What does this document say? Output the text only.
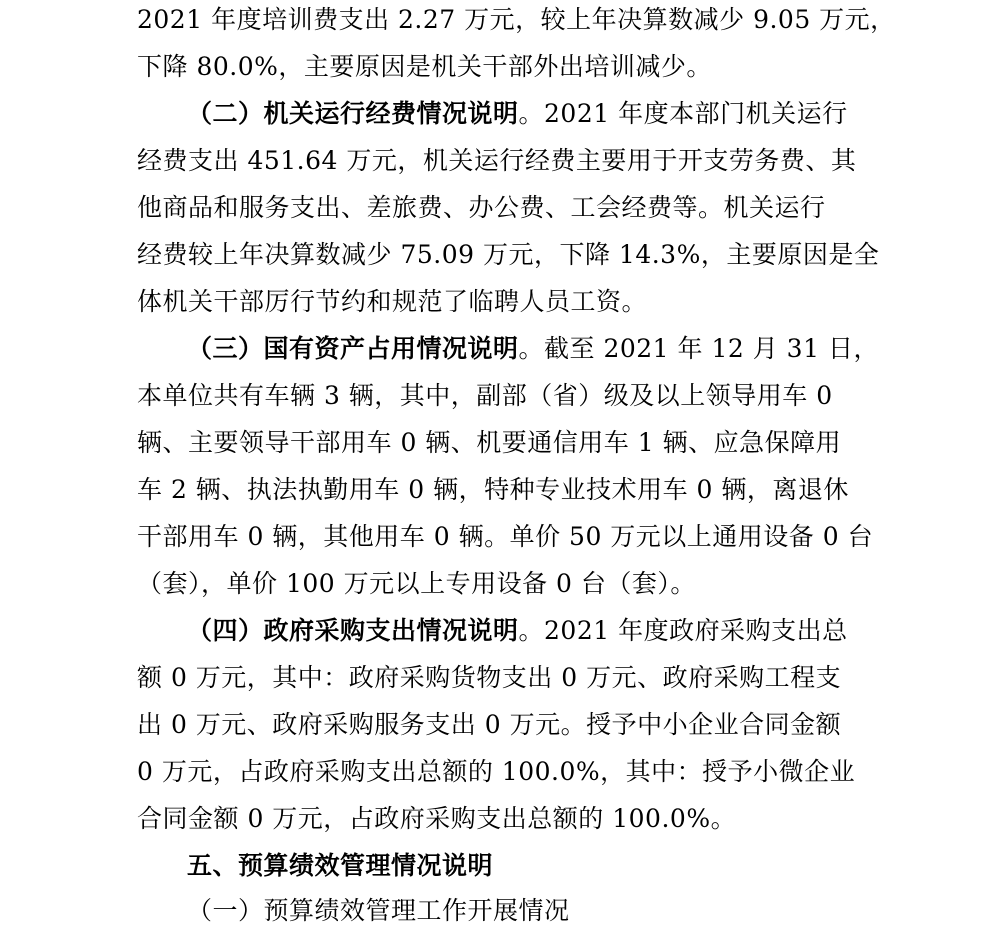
2021 年度培训费支出 2.27 万元，较上年决算数减少 9.05 万元，
下降 80.0%，主要原因是机关干部外出培训减少。
（二）机关运行经费情况说明。2021 年度本部门机关运行
经费支出 451.64 万元，机关运行经费主要用于开支劳务费、其
他商品和服务支出、差旅费、办公费、工会经费等。机关运行
经费较上年决算数减少 75.09 万元，下降 14.3%，主要原因是全
体机关干部厉行节约和规范了临聘人员工资。
（三）国有资产占用情况说明。截至 2021 年 12 月 31 日，
本单位共有车辆 3 辆，其中，副部（省）级及以上领导用车 0
辆、主要领导干部用车 0 辆、机要通信用车 1 辆、应急保障用
车 2 辆、执法执勤用车 0 辆，特种专业技术用车 0 辆，离退休
干部用车 0 辆，其他用车 0 辆。单价 50 万元以上通用设备 0 台
（套），单价 100 万元以上专用设备 0 台（套）。
（四）政府采购支出情况说明。2021 年度政府采购支出总
额 0 万元，其中：政府采购货物支出 0 万元、政府采购工程支
出 0 万元、政府采购服务支出 0 万元。授予中小企业合同金额
0 万元，占政府采购支出总额的 100.0%，其中：授予小微企业
合同金额 0 万元，占政府采购支出总额的 100.0%。
五、预算绩效管理情况说明
（一）预算绩效管理工作开展情况
